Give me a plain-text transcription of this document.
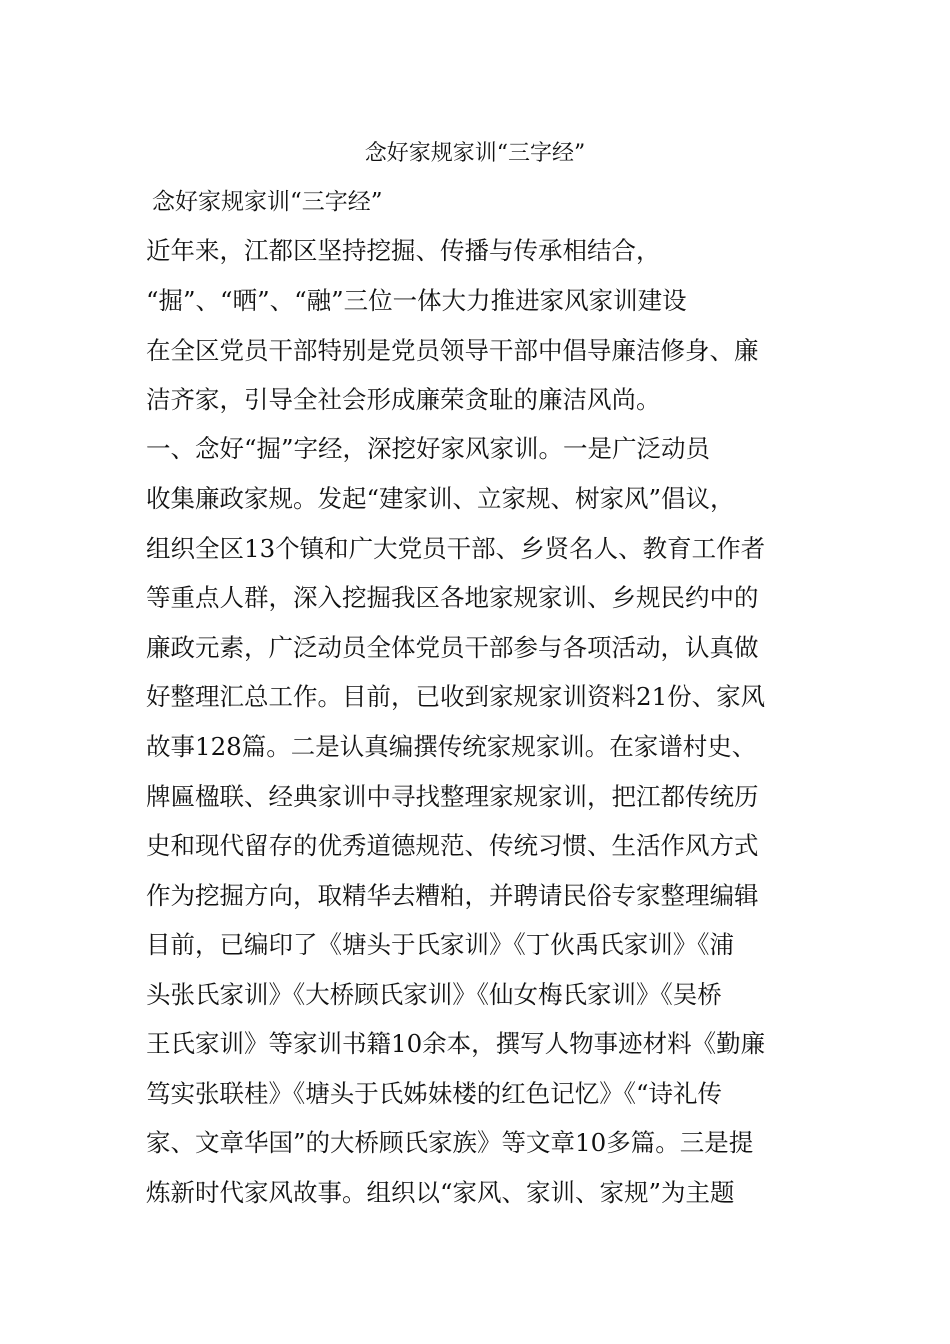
念好家规家训“三字经”
念好家规家训“三字经”
近年来，江都区坚持挖掘、传播与传承相结合，
“掘”、“晒”、“融”三位一体大力推进家风家训建设
在全区党员干部特别是党员领导干部中倡导廉洁修身、廉
洁齐家，引导全社会形成廉荣贪耻的廉洁风尚。
一、念好“掘”字经，深挖好家风家训。一是广泛动员
收集廉政家规。发起“建家训、立家规、树家风”倡议，
组织全区13个镇和广大党员干部、乡贤名人、教育工作者
等重点人群，深入挖掘我区各地家规家训、乡规民约中的
廉政元素，广泛动员全体党员干部参与各项活动，认真做
好整理汇总工作。目前，已收到家规家训资料21份、家风
故事128篇。二是认真编撰传统家规家训。在家谱村史、
牌匾楹联、经典家训中寻找整理家规家训，把江都传统历
史和现代留存的优秀道德规范、传统习惯、生活作风方式
作为挖掘方向，取精华去糟粕，并聘请民俗专家整理编辑
目前，已编印了《塘头于氏家训》《丁伙禹氏家训》《浦
头张氏家训》《大桥顾氏家训》《仙女梅氏家训》《吴桥
王氏家训》等家训书籍10余本，撰写人物事迹材料《勤廉
笃实张联桂》《塘头于氏姊妹楼的红色记忆》《“诗礼传
家、文章华国”的大桥顾氏家族》等文章10多篇。三是提
炼新时代家风故事。组织以“家风、家训、家规”为主题
